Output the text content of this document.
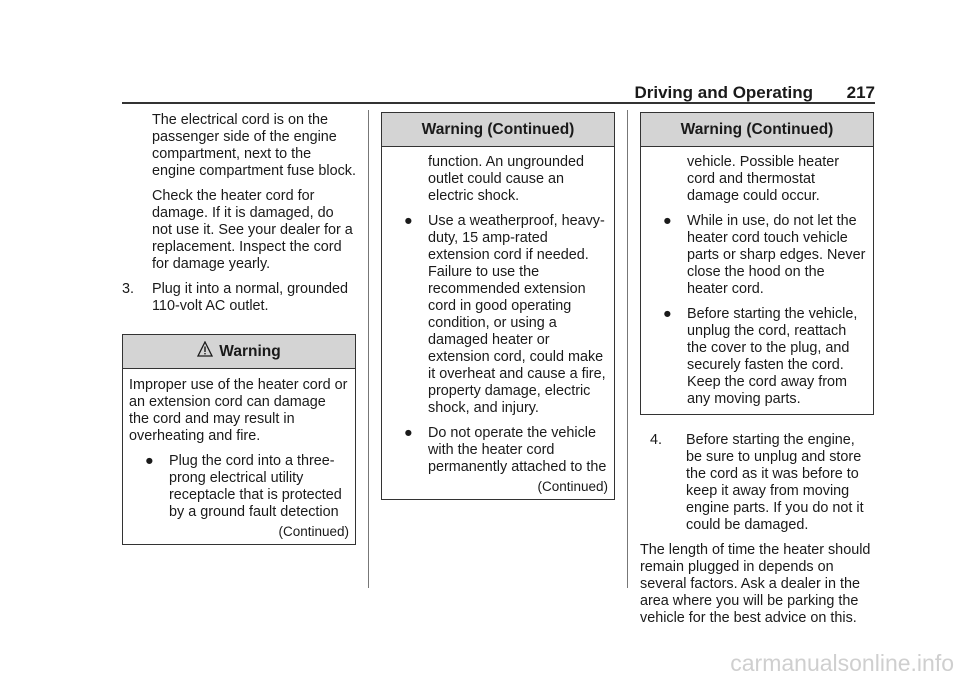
Driving and Operating 217

The electrical cord is on the passenger side of the engine compartment, next to the engine compartment fuse block.

Check the heater cord for damage. If it is damaged, do not use it. See your dealer for a replacement. Inspect the cord for damage yearly.

3. Plug it into a normal, grounded 110-volt AC outlet.

Warning

Improper use of the heater cord or an extension cord can damage the cord and may result in overheating and fire.

● Plug the cord into a three-prong electrical utility receptacle that is protected by a ground fault detection

(Continued)

Warning (Continued)

function. An ungrounded outlet could cause an electric shock.

● Use a weatherproof, heavy-duty, 15 amp-rated extension cord if needed. Failure to use the recommended extension cord in good operating condition, or using a damaged heater or extension cord, could make it overheat and cause a fire, property damage, electric shock, and injury.

● Do not operate the vehicle with the heater cord permanently attached to the

(Continued)

Warning (Continued)

vehicle. Possible heater cord and thermostat damage could occur.

● While in use, do not let the heater cord touch vehicle parts or sharp edges. Never close the hood on the heater cord.

● Before starting the vehicle, unplug the cord, reattach the cover to the plug, and securely fasten the cord. Keep the cord away from any moving parts.

4. Before starting the engine, be sure to unplug and store the cord as it was before to keep it away from moving engine parts. If you do not it could be damaged.

The length of time the heater should remain plugged in depends on several factors. Ask a dealer in the area where you will be parking the vehicle for the best advice on this.

carmanualsonline.info
